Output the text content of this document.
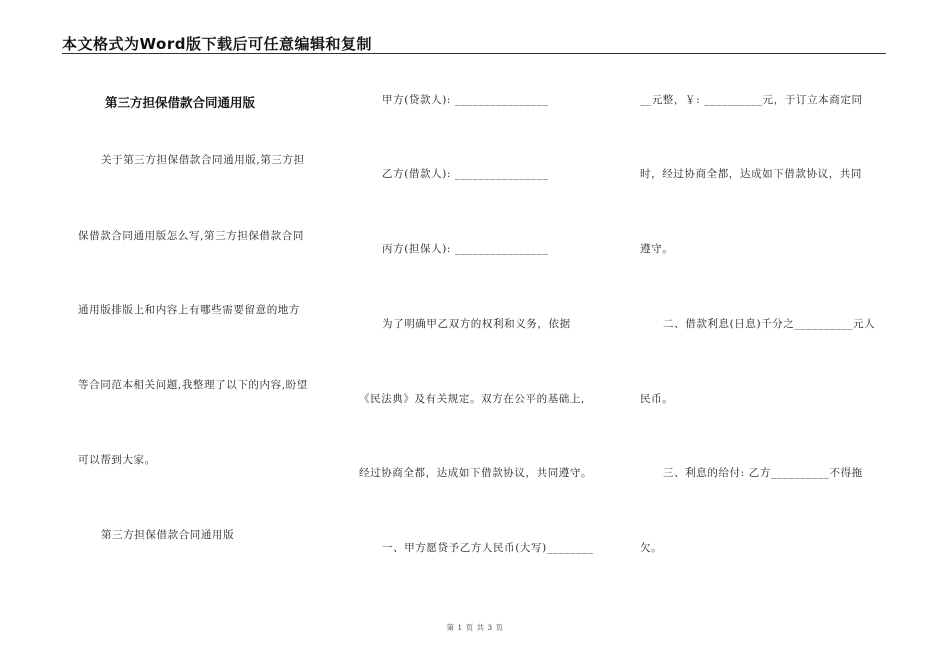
本文格式为Word版下载后可任意编辑和复制
第三方担保借款合同通用版
关于第三方担保借款合同通用版,第三方担
保借款合同通用版怎么写,第三方担保借款合同
通用版排版上和内容上有哪些需要留意的地方
等合同范本相关问题,我整理了以下的内容,盼望
可以帮到大家。
第三方担保借款合同通用版
甲方(贷款人): ________________
乙方(借款人): ________________
丙方(担保人): ________________
为了明确甲乙双方的权利和义务，依据
《民法典》及有关规定。双方在公平的基础上,
经过协商全都，达成如下借款协议，共同遵守。
一、甲方愿贷予乙方人民币(大写)________
__元整，￥: __________元，于订立本商定同
时，经过协商全都，达成如下借款协议，共同
遵守。
二、借款利息(日息)千分之__________元人
民币。
三、利息的给付: 乙方__________不得拖
欠。
第 1 页 共 3 页
